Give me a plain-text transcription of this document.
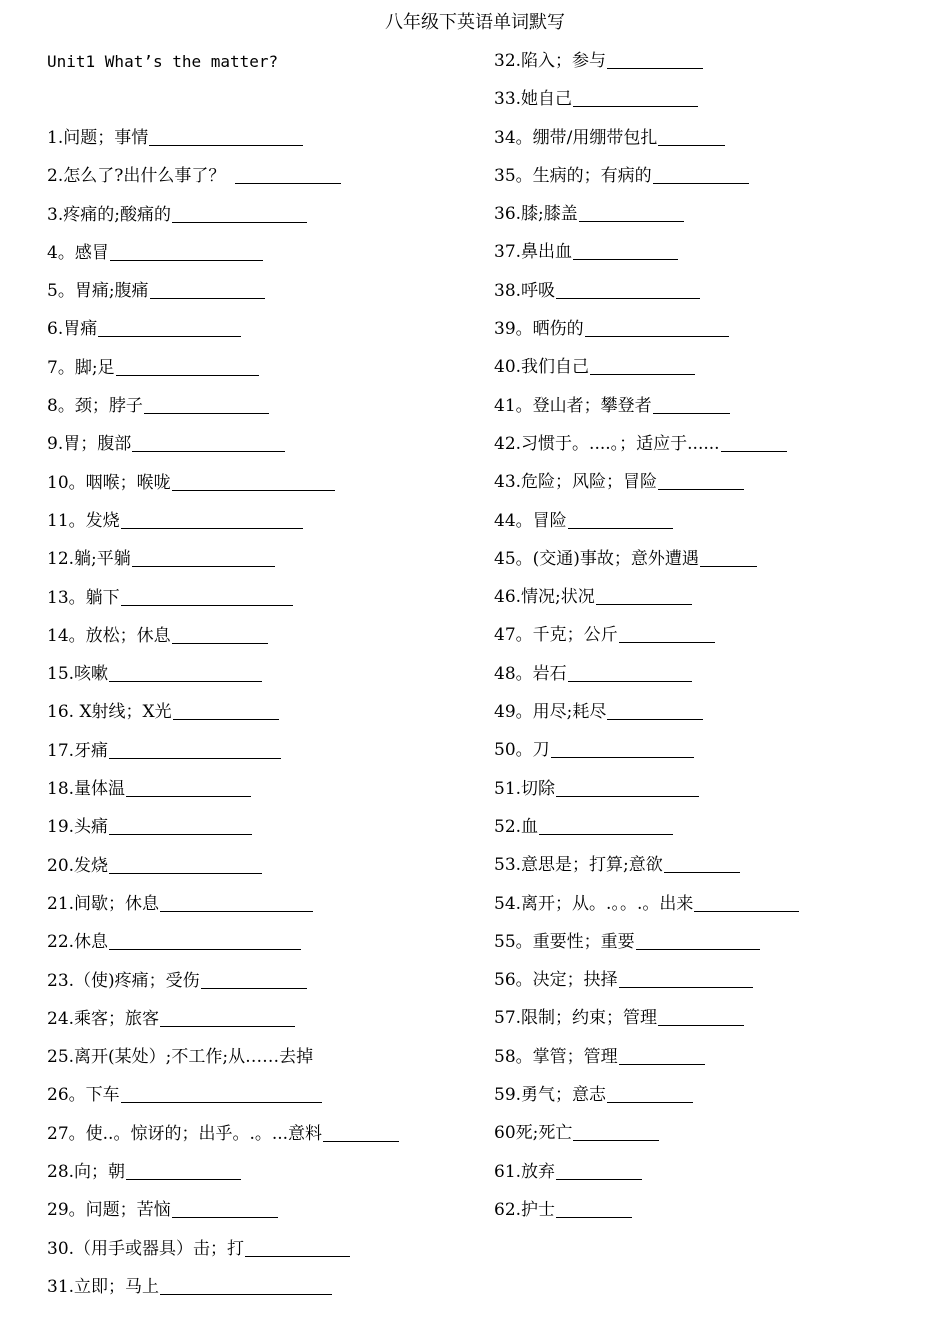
八年级下英语单词默写
Unit1 What’s the matter?
1.问题；事情
2.怎么了?出什么事了？
3.疼痛的;酸痛的
4。感冒
5。胃痛;腹痛
6.胃痛
7。脚;足
8。颈；脖子
9.胃；腹部
10。咽喉；喉咙
11。发烧
12.躺;平躺
13。躺下
14。放松；休息
15.咳嗽
16. X射线；X光
17.牙痛
18.量体温
19.头痛
20.发烧
21.间歇；休息
22.休息
23.（使)疼痛；受伤
24.乘客；旅客
25.离开(某处）;不工作;从……去掉
26。下车
27。使..。惊讶的；出乎。.。...意料
28.向；朝
29。问题；苦恼
30.（用手或器具）击；打
31.立即；马上
32.陷入；参与
33.她自己
34。绷带/用绷带包扎
35。生病的；有病的
36.膝;膝盖
37.鼻出血
38.呼吸
39。晒伤的
40.我们自己
41。登山者；攀登者
42.习惯于。....。；适应于......
43.危险；风险；冒险
44。冒险
45。(交通)事故；意外遭遇
46.情况;状况
47。千克；公斤
48。岩石
49。用尽;耗尽
50。刀
51.切除
52.血
53.意思是；打算;意欲
54.离开；从。.。。.。出来
55。重要性；重要
56。决定；抉择
57.限制；约束；管理
58。掌管；管理
59.勇气；意志
60死;死亡
61.放弃
62.护士
